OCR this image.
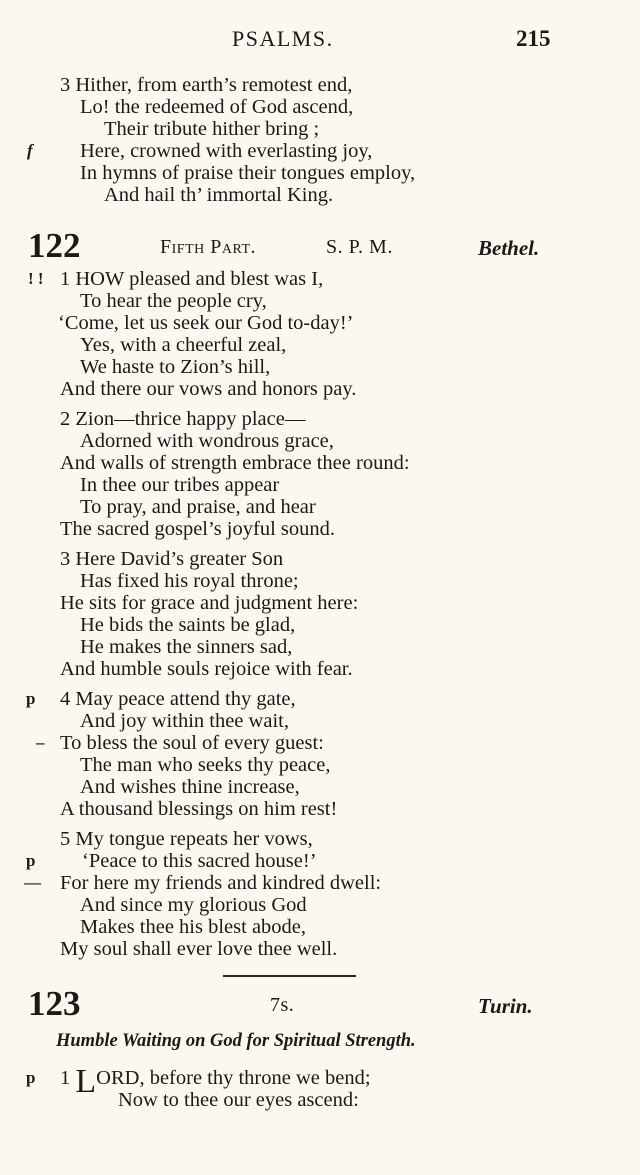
PSALMS.	215
3 Hither, from earth’s remotest end,
Lo! the redeemed of God ascend,
Their tribute hither bring ;
f Here, crowned with everlasting joy,
In hymns of praise their tongues employ,
And hail th’ immortal King.
122	Fifth Part.	S. P. M.	Bethel.
! ! 1 HOW pleased and blest was I,
To hear the people cry,
‘Come, let us seek our God to-day!’
Yes, with a cheerful zeal,
We haste to Zion’s hill,
And there our vows and honors pay.
2 Zion—thrice happy place—
Adorned with wondrous grace,
And walls of strength embrace thee round:
In thee our tribes appear
To pray, and praise, and hear
The sacred gospel’s joyful sound.
3 Here David’s greater Son
Has fixed his royal throne;
He sits for grace and judgment here:
He bids the saints be glad,
He makes the sinners sad,
And humble souls rejoice with fear.
p 4 May peace attend thy gate,
And joy within thee wait,
– To bless the soul of every guest:
The man who seeks thy peace,
And wishes thine increase,
A thousand blessings on him rest!
5 My tongue repeats her vows,
p ‘Peace to this sacred house!’
— For here my friends and kindred dwell:
And since my glorious God
Makes thee his blest abode,
My soul shall ever love thee well.
123	7s.	Turin.
Humble Waiting on God for Spiritual Strength.
p 1 LORD, before thy throne we bend;
Now to thee our eyes ascend:
